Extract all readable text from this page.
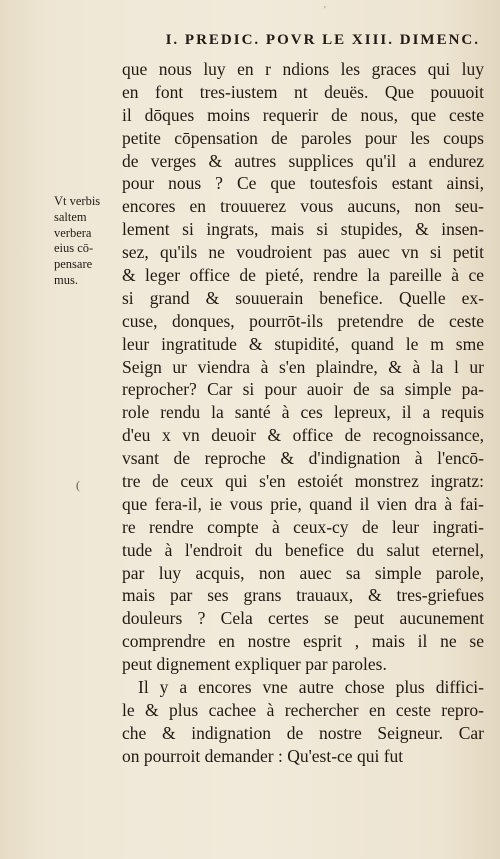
'
I. PREDIC. POVR LE XIII. DIMENC.
Vt verbis
saltem
verbera
eius cō-
pensare
mus.
(
que nous luy en r ndions les graces qui luy
en font tres-iustem nt deuës. Que pouuoit
il dōques moins requerir de nous, que ceste
petite cōpensation de paroles pour les coups
de verges & autres supplices qu'il a endurez
pour nous ? Ce que toutesfois estant ainsi,
encores en trouuerez vous aucuns, non seu-
lement si ingrats, mais si stupides, & insen-
sez, qu'ils ne voudroient pas auec vn si petit
& leger office de pieté, rendre la pareille à ce
si grand & souuerain benefice. Quelle ex-
cuse, donques, pourrōt-ils pretendre de ceste
leur ingratitude & stupidité, quand le m sme
Seign ur viendra à s'en plaindre, & à la l ur
reprocher? Car si pour auoir de sa simple pa-
role rendu la santé à ces lepreux, il a requis
d'eu x vn deuoir & office de recognoissance,
vsant de reproche & d'indignation à l'encō-
tre de ceux qui s'en estoiét monstrez ingratz:
que fera-il, ie vous prie, quand il vien dra à fai-
re rendre compte à ceux-cy de leur ingrati-
tude à l'endroit du benefice du salut eternel,
par luy acquis, non auec sa simple parole,
mais par ses grans trauaux, & tres-griefues
douleurs ? Cela certes se peut aucunement
comprendre en nostre esprit , mais il ne se
peut dignement expliquer par paroles.
Il y a encores vne autre chose plus diffici-
le & plus cachee à rechercher en ceste repro-
che & indignation de nostre Seigneur. Car
on pourroit demander : Qu'est-ce qui fut
